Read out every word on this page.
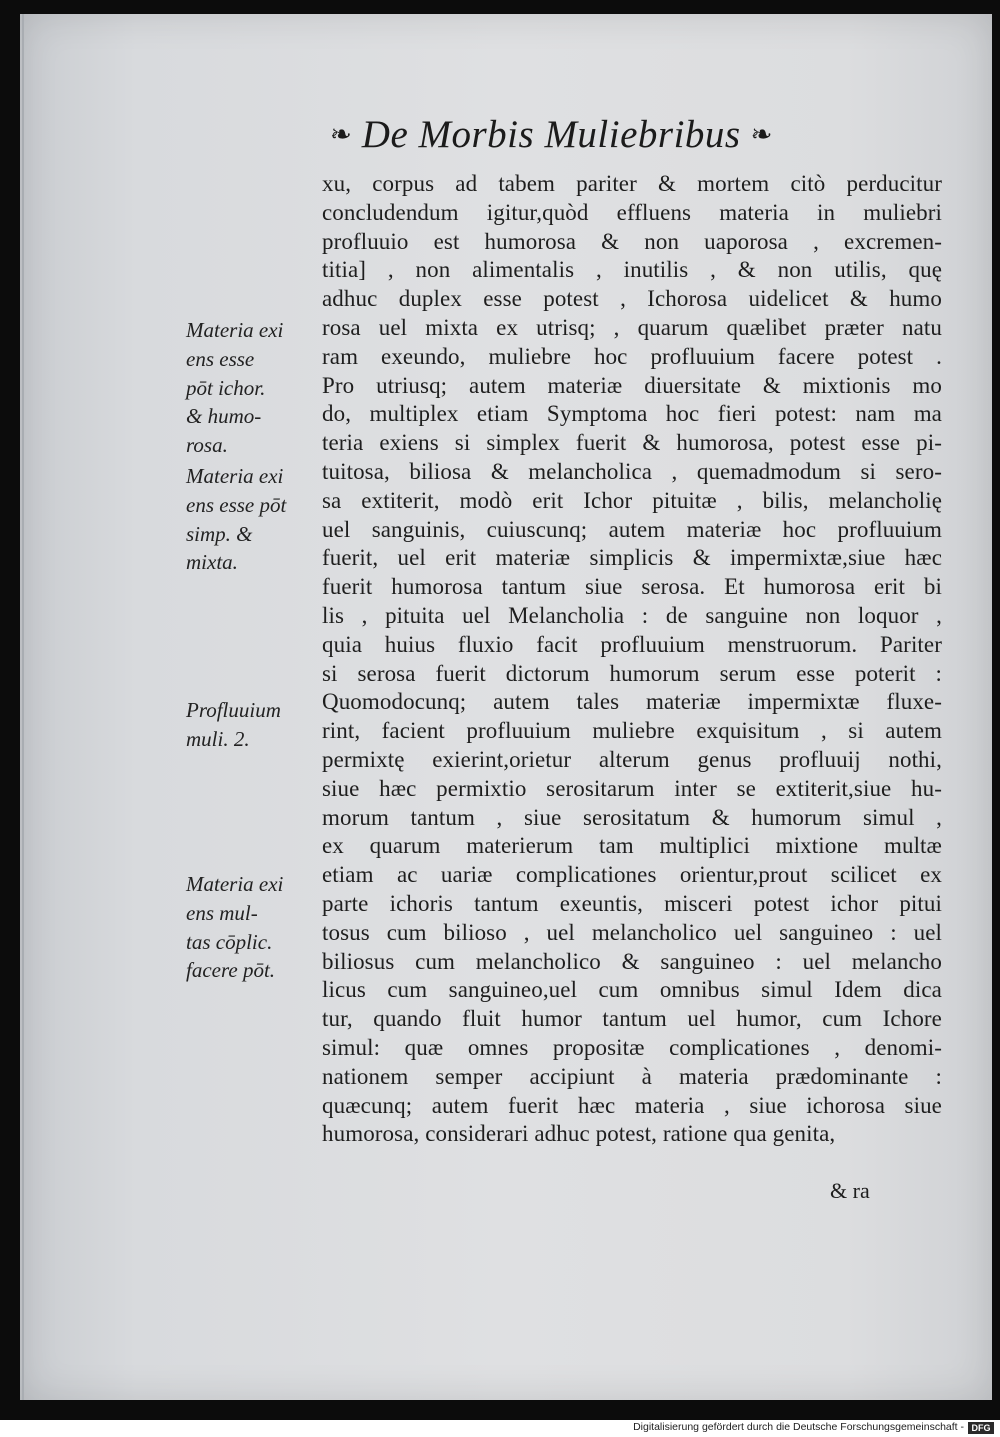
❧ De Morbis Muliebribus ❧
xu, corpus ad tabem pariter & mortem citò perducitur
concludendum igitur,quòd effluens materia in muliebri
profluuio est humorosa & non uaporosa , excremen-
titia] , non alimentalis , inutilis , & non utilis, quę
adhuc duplex esse potest , Ichorosa uidelicet & humo
rosa uel mixta ex utrisq; , quarum quælibet præter natu
ram exeundo, muliebre hoc profluuium facere potest .
Pro utriusq; autem materiæ diuersitate & mixtionis mo
do, multiplex etiam Symptoma hoc fieri potest: nam ma
teria exiens si simplex fuerit & humorosa, potest esse pi-
tuitosa, biliosa & melancholica , quemadmodum si sero-
sa extiterit, modò erit Ichor pituitæ , bilis, melancholię
uel sanguinis, cuiuscunq; autem materiæ hoc profluuium
fuerit, uel erit materiæ simplicis & impermixtæ,siue hæc
fuerit humorosa tantum siue serosa. Et humorosa erit bi
lis , pituita uel Melancholia : de sanguine non loquor ,
quia huius fluxio facit profluuium menstruorum. Pariter
si serosa fuerit dictorum humorum serum esse poterit :
Quomodocunq; autem tales materiæ impermixtæ fluxe-
rint, facient profluuium muliebre exquisitum , si autem
permixtę exierint,orietur alterum genus profluuij nothi,
siue hæc permixtio serositarum inter se extiterit,siue hu-
morum tantum , siue serositatum & humorum simul ,
ex quarum materierum tam multiplici mixtione multæ
etiam ac uariæ complicationes orientur,prout scilicet ex
parte ichoris tantum exeuntis, misceri potest ichor pitui
tosus cum bilioso , uel melancholico uel sanguineo : uel
biliosus cum melancholico & sanguineo : uel melancho
licus cum sanguineo,uel cum omnibus simul Idem dica
tur, quando fluit humor tantum uel humor, cum Ichore
simul: quæ omnes propositæ complicationes , denomi-
nationem semper accipiunt à materia prædominante :
quæcunq; autem fuerit hæc materia , siue ichorosa siue
humorosa, considerari adhuc potest, ratione qua genita,
Materia exi
ens esse
pōt ichor.
& humo-
rosa.
Materia exi
ens esse pōt
simp. &
mixta.
Profluuium
muli. 2.
Materia exi
ens mul-
tas cōplic.
facere pōt.
& ra
Digitalisierung gefördert durch die Deutsche Forschungsgemeinschaft - DFG
